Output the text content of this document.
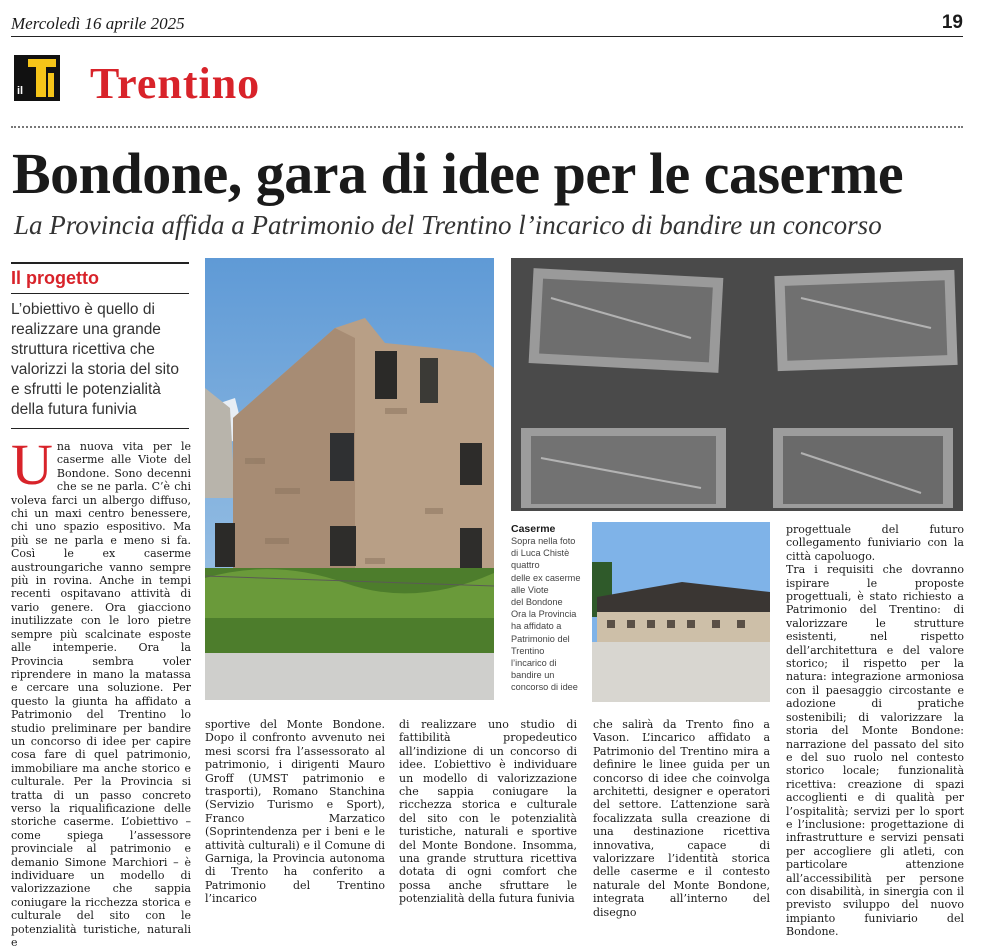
Mercoledì 16 aprile 2025	19
il Trentino
Bondone, gara di idee per le caserme
La Provincia affida a Patrimonio del Trentino l’incarico di bandire un concorso
Il progetto
L’obiettivo è quello di realizzare una grande struttura ricettiva che valorizzi la storia del sito e sfrutti le potenzialità della futura funivia
Una nuova vita per le caserme alle Viote del Bondone. Sono decenni che se ne parla. C’è chi voleva farci un albergo diffuso, chi un maxi centro benessere, chi uno spazio espositivo. Ma più se ne parla e meno si fa. Così le ex caserme austroungariche vanno sempre più in rovina. Anche in tempi recenti ospitavano attività di vario genere. Ora giacciono inutilizzate con le loro pietre sempre più scalcinate esposte alle intemperie. Ora la Provincia sembra voler riprendere in mano la matassa e cercare una soluzione. Per questo la giunta ha affidato a Patrimonio del Trentino lo studio preliminare per bandire un concorso di idee per capire cosa fare di quel patrimonio, immobiliare ma anche storico e culturale. Per la Provincia si tratta di un passo concreto verso la riqualificazione delle storiche caserme. L’obiettivo – come spiega l’assessore provinciale al patrimonio e demanio Simone Marchiori – è individuare un modello di valorizzazione che sappia coniugare la ricchezza storica e culturale del sito con le potenzialità turistiche, naturali e
Caserme
Sopra nella foto
di Luca Chistè
quattro
delle ex caserme
alle Viote
del Bondone
Ora la Provincia
ha affidato a
Patrimonio del
Trentino
l’incarico di
bandire un
concorso di idee
sportive del Monte Bondone. Dopo il confronto avvenuto nei mesi scorsi fra l’assessorato al patrimonio, i dirigenti Mauro Groff (UMST patrimonio e trasporti), Romano Stanchina (Servizio Turismo e Sport), Franco Marzatico (Soprintendenza per i beni e le attività culturali) e il Comune di Garniga, la Provincia autonoma di Trento ha conferito a Patrimonio del Trentino l’incarico
di realizzare uno studio di fattibilità propedeutico all’indizione di un concorso di idee. L’obiettivo è individuare un modello di valorizzazione che sappia coniugare la ricchezza storica e culturale del sito con le potenzialità turistiche, naturali e sportive del Monte Bondone. Insomma, una grande struttura ricettiva dotata di ogni comfort che possa anche sfruttare le potenzialità della futura funivia
che salirà da Trento fino a Vason. L’incarico affidato a Patrimonio del Trentino mira a definire le linee guida per un concorso di idee che coinvolga architetti, designer e operatori del settore. L’attenzione sarà focalizzata sulla creazione di una destinazione ricettiva innovativa, capace di valorizzare l’identità storica delle caserme e il contesto naturale del Monte Bondone, integrata all’interno del disegno
progettuale del futuro collegamento funiviario con la città capoluogo.
Tra i requisiti che dovranno ispirare le proposte progettuali, è stato richiesto a Patrimonio del Trentino: di valorizzare le strutture esistenti, nel rispetto dell’architettura e del valore storico; il rispetto per la natura: integrazione armoniosa con il paesaggio circostante e adozione di pratiche sostenibili; di valorizzare la storia del Monte Bondone: narrazione del passato del sito e del suo ruolo nel contesto storico locale; funzionalità ricettiva: creazione di spazi accoglienti e di qualità per l’ospitalità; servizi per lo sport e l’inclusione: progettazione di infrastrutture e servizi pensati per accogliere gli atleti, con particolare attenzione all’accessibilità per persone con disabilità, in sinergia con il previsto sviluppo del nuovo impianto funiviario del Bondone.
